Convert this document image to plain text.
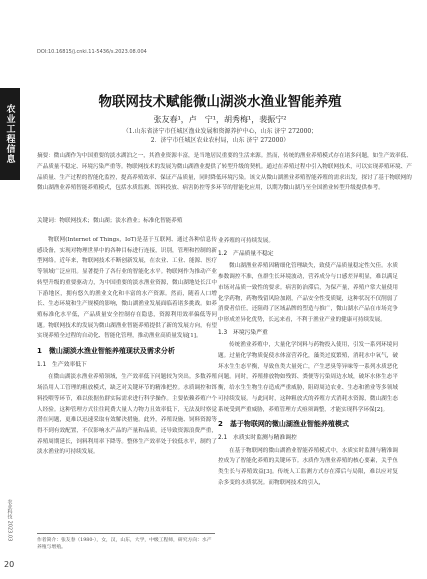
农业工程信息
农业科技 2023.03
20
DOI:10.16815/j.cnki.11-5436/s.2023.08.004
物联网技术赋能微山湖淡水渔业智能养殖
张友春¹，卢　宁¹，胡秀梅¹，裴振宁²
（1.山东省济宁市任城区渔业发展和资源养护中心，山东 济宁 272000；
2．济宁市任城区农业农村局，山东 济宁 272000）
摘要：微山湖作为中国重要的淡水湖泊之一，其渔业资源丰富，是当地居民重要的生活来源。然而，传统的渔业养殖模式存在诸多问题，如生产效率低、产品质量不稳定、环境污染严重等。物联网技术的发展为微山湖渔业提供了转型升级的契机。通过在养殖过程中引入物联网技术，可以实现养殖环境、产品质量、生产过程的智能化监控，提高养殖效率、保证产品质量，同时降低环境污染。该文从微山湖渔业养殖智能养殖的需求出发，探讨了基于物联网的微山湖渔业养殖智能养殖模式，包括水质监测、饵料投放、病害防控等多环节的智能化应用，以期为微山湖乃至全国渔业转型升级提供参考。
关键词：物联网技术；微山湖；淡水渔业；标准化智能养殖

物联网(Internet of Things，IoT)是基于互联网、通过各种信息传感设备，实现对物理世界中的各种目标进行连接，识别，管理和控制的新型网络。近年来，物联网技术不断创新发展，在农业、工业、能源、医疗等领域广泛应用。显著提升了各行业的智能化水平。物联网作为推动产业转型升级的重要驱动力，为中国重要的淡水渔业资源，微山湖地处长江中下游地区，拥有悠久的渔业文化和丰富的水产资源。然而，随着人口增长、生态环境和生产规模的影响，微山湖渔业发展面临着诸多挑战。如养殖标准化水平低，产品质量安全控制存在隐患，资源利用效率偏低等问题。物联网技术的发展为微山湖渔业智能养殖提供了新的发展方向，有望实现养殖全过程的自动化、智能化管理，推动渔业高质量发展[1]。

1　微山湖淡水渔业智能养殖现状及需求分析
1.1　生产效率低下

在微山湖淡水渔业养殖领域，生产效率低下问题较为突出。多数养殖场沿用人工管理的粗放模式，缺乏对关键环节的精准把控。水质调控和饵料投喂等环节，难以依据鱼群实际需求进行科学操作。主要依赖养殖户个人经验。这种管理方式往往耗费大量人力物力且效率低下，无法及时察觉潜在问题，更难以迅速采取有效解决措施。此外，养殖设施、饲料资源等得不到有效配置，不仅影响水产品的产量和品质，还导致资源浪费严重，养殖周期延长，饲料利用率下降等。整体生产效率处于较低水平，制约了淡水渔业的可持续发展。

作者简介：张友春（1980-），女，汉，山东，大学，中级工程师，研究方向：水产养殖与增殖。

业养殖的可持续发展。

1.2　产品质量不稳定

微山湖渔业养殖因精细化管理缺失，致使产品质量稳定性欠佳。水质参数调控不准，鱼群生长环境波动，营养成分与口感差异明显，难以满足市场对品质一致性的要求。病害防治滞后，为保产量，养殖户常大量使用化学药物，药物残留风险加剧，产品安全性受质疑，这种状况不仅削弱了消费者信任，还阻碍了区域品牌的塑造与推广，微山湖水产品在市场竞争中形成差异化优势，长远来看，不利于渔业产业的健康可持续发展。

1.3　环境污染严重

传统渔业养殖中，大量化学饲料与药物投入使用，引发一系列环境问题。过量化学物质促使水体富营养化，藻类过度繁殖，消耗水中氧气，破坏水生生态平衡，导致鱼类大量死亡，产生恶臭等异味等一系列水质恶化问题。同时，养殖排放物如残饵、粪便等污染周边水域，破坏水体生态平衡，给水生生物生存造成严重威胁，阻碍周边农业、生态和渔业等多领域可持续发展。与此同时，这种粗放式的养殖方式消耗水资源，微山湖生态系统受到严重威胁，养殖管理方式亟须调整，才能实现科学环保[2]。

2　基于物联网的微山湖渔业智能养殖模式
2.1　水质实时监测与精准调控

在基于物联网的微山湖渔业智能养殖模式中，水质实时监测与精准调控成为了智能化养殖的关键环节。水质作为渔业养殖的核心要素，关乎鱼类生长与养殖效益[3]。传统人工监测方式存在滞后与局限，难以应对复杂多变的水质状况。而物联网技术的引入，
